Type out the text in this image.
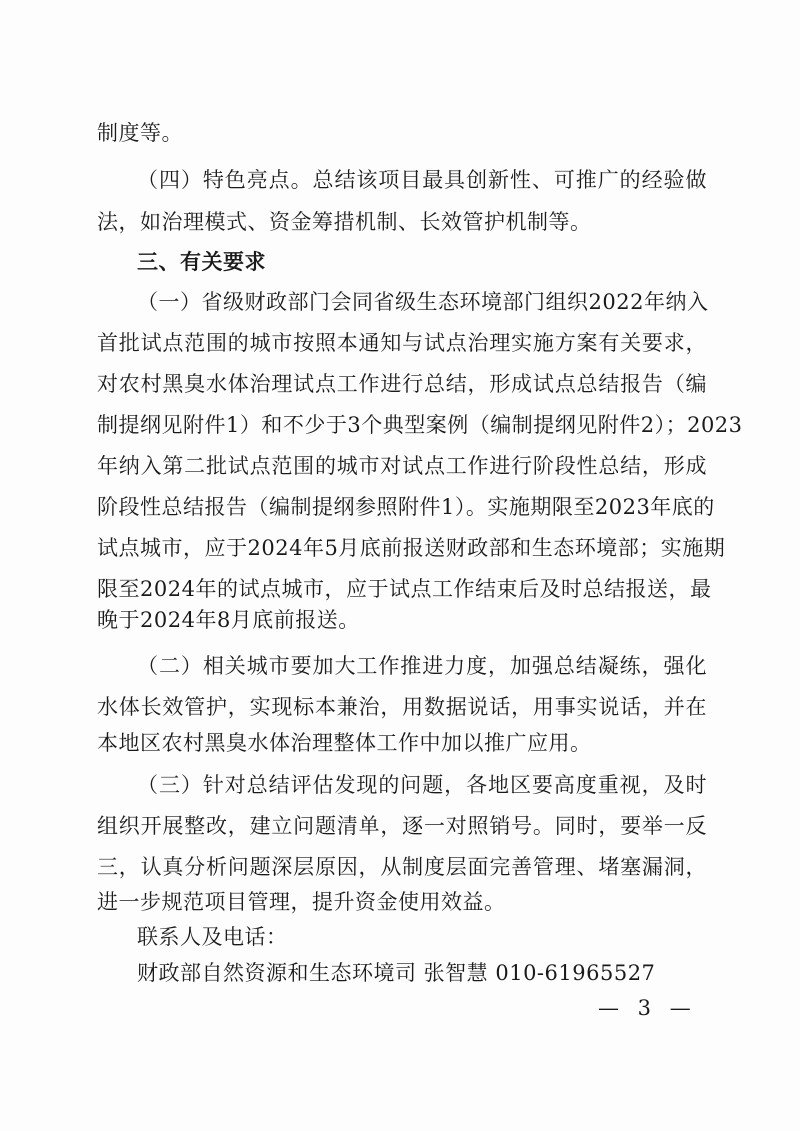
制度等。
（四）特色亮点。总结该项目最具创新性、可推广的经验做
法，如治理模式、资金筹措机制、长效管护机制等。
三、有关要求
（一）省级财政部门会同省级生态环境部门组织2022年纳入
首批试点范围的城市按照本通知与试点治理实施方案有关要求，
对农村黑臭水体治理试点工作进行总结，形成试点总结报告（编
制提纲见附件1）和不少于3个典型案例（编制提纲见附件2）；2023
年纳入第二批试点范围的城市对试点工作进行阶段性总结，形成
阶段性总结报告（编制提纲参照附件1）。实施期限至2023年底的
试点城市，应于2024年5月底前报送财政部和生态环境部；实施期
限至2024年的试点城市，应于试点工作结束后及时总结报送，最
晚于2024年8月底前报送。
（二）相关城市要加大工作推进力度，加强总结凝练，强化
水体长效管护，实现标本兼治，用数据说话，用事实说话，并在
本地区农村黑臭水体治理整体工作中加以推广应用。
（三）针对总结评估发现的问题，各地区要高度重视，及时
组织开展整改，建立问题清单，逐一对照销号。同时，要举一反
三，认真分析问题深层原因，从制度层面完善管理、堵塞漏洞，
进一步规范项目管理，提升资金使用效益。
联系人及电话：
财政部自然资源和生态环境司 张智慧 010-61965527
— 3 —
